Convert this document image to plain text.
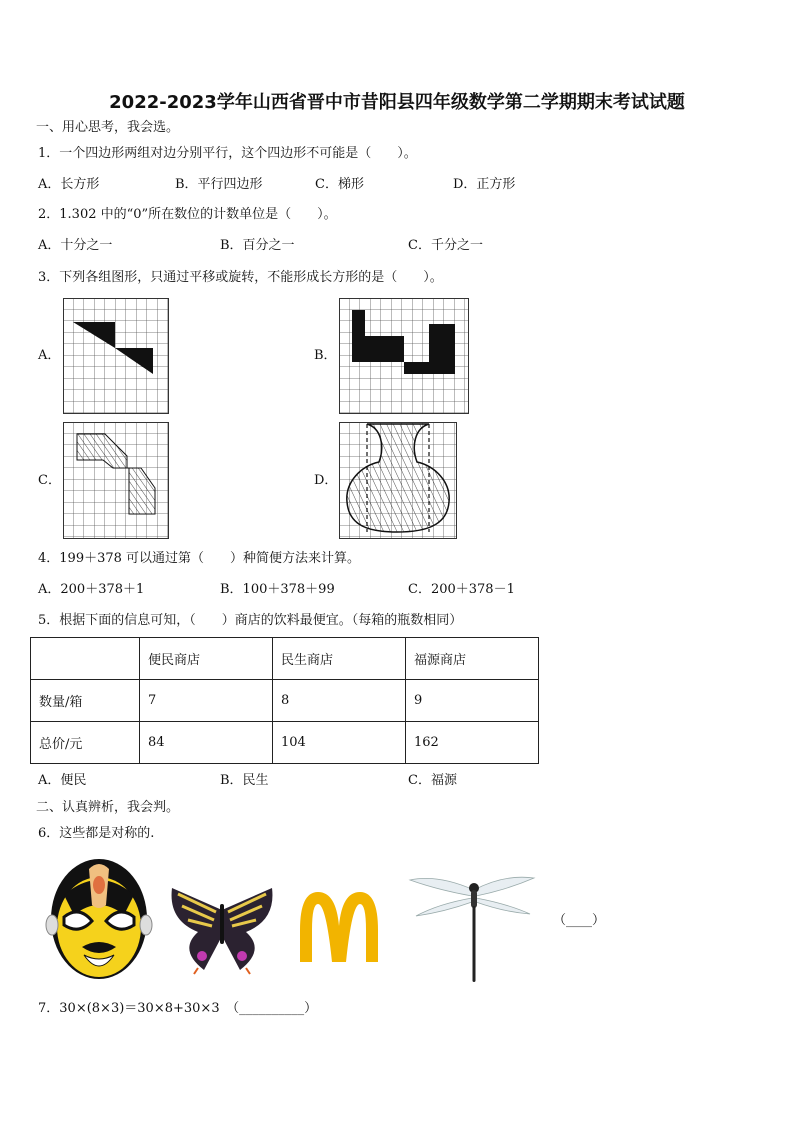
2022-2023学年山西省晋中市昔阳县四年级数学第二学期期末考试试题
一、用心思考，我会选。
1．一个四边形两组对边分别平行，这个四边形不可能是（　　）。
A．长方形	B．平行四边形	C．梯形	D．正方形
2．1.302 中的“0”所在数位的计数单位是（　　）。
A．十分之一	B．百分之一	C．千分之一
3．下列各组图形，只通过平移或旋转，不能形成长方形的是（　　）。
A．	B．
C．	D．
4．199＋378 可以通过第（　　）种简便方法来计算。
A．200＋378＋1	B．100＋378＋99	C．200＋378－1
5．根据下面的信息可知，（　　）商店的饮料最便宜。（每箱的瓶数相同）
	便民商店	民生商店	福源商店
数量/箱	7	8	9
总价/元	84	104	162
A．便民	B．民生	C．福源
二、认真辨析，我会判。
6．这些都是对称的.
（____）
7．30×(8×3)＝30×8+30×3　（__________）
